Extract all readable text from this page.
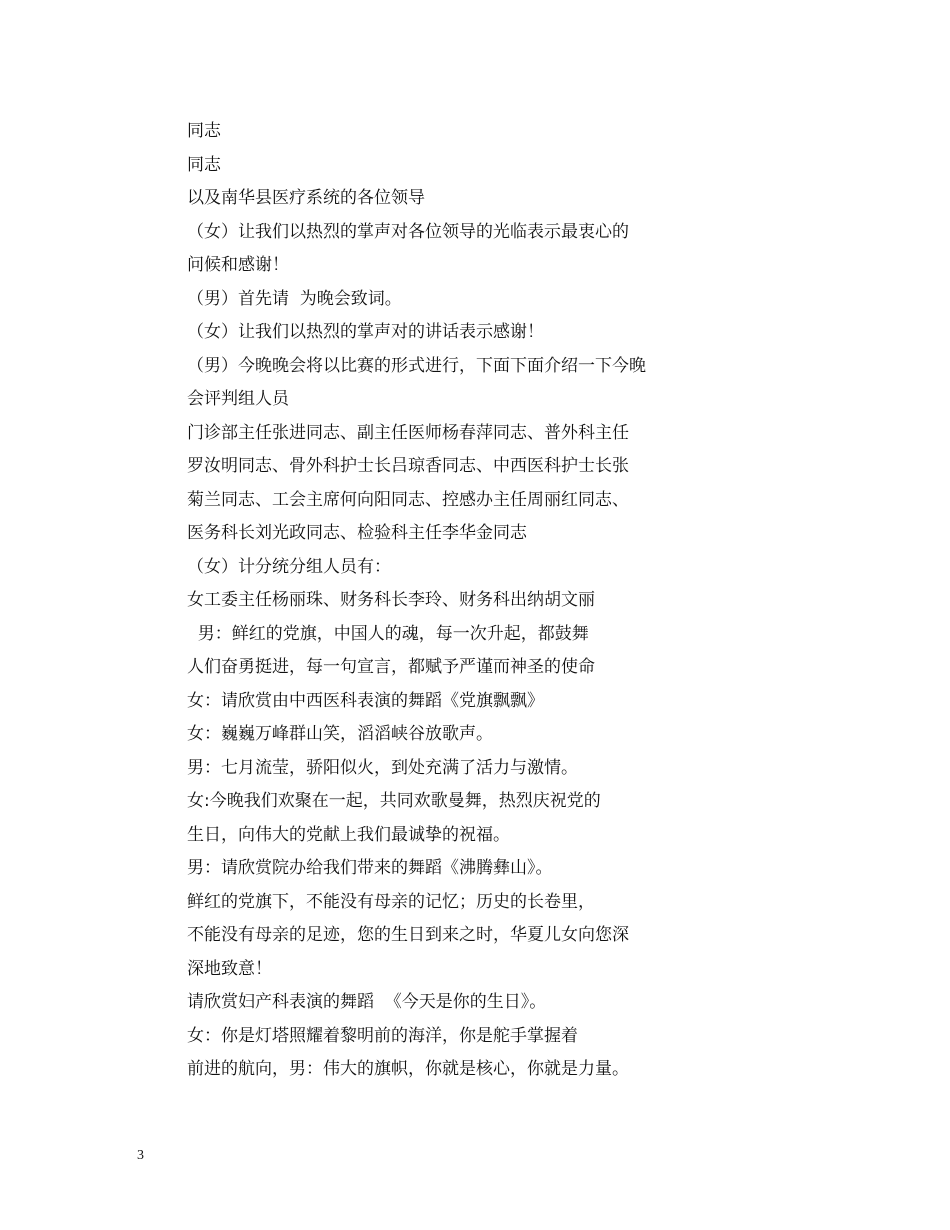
同志
同志
以及南华县医疗系统的各位领导
（女）让我们以热烈的掌声对各位领导的光临表示最衷心的
问候和感谢！
（男）首先请  为晚会致词。
（女）让我们以热烈的掌声对的讲话表示感谢！
（男）今晚晚会将以比赛的形式进行，下面下面介绍一下今晚
会评判组人员
门诊部主任张进同志、副主任医师杨春萍同志、普外科主任
罗汝明同志、骨外科护士长吕琼香同志、中西医科护士长张
菊兰同志、工会主席何向阳同志、控感办主任周丽红同志、
医务科长刘光政同志、检验科主任李华金同志
（女）计分统分组人员有：
女工委主任杨丽珠、财务科长李玲、财务科出纳胡文丽
男：鲜红的党旗，中国人的魂，每一次升起，都鼓舞
人们奋勇挺进，每一句宣言，都赋予严谨而神圣的使命
女：请欣赏由中西医科表演的舞蹈《党旗飘飘》
女：巍巍万峰群山笑，滔滔峡谷放歌声。
男：七月流莹，骄阳似火，到处充满了活力与激情。
女:今晚我们欢聚在一起，共同欢歌曼舞，热烈庆祝党的
生日，向伟大的党献上我们最诚挚的祝福。
男：请欣赏院办给我们带来的舞蹈《沸腾彝山》。
鲜红的党旗下，不能没有母亲的记忆；历史的长卷里，
不能没有母亲的足迹，您的生日到来之时，华夏儿女向您深
深地致意！
请欣赏妇产科表演的舞蹈  《今天是你的生日》。
女：你是灯塔照耀着黎明前的海洋，你是舵手掌握着
前进的航向，男：伟大的旗帜，你就是核心，你就是力量。
3
